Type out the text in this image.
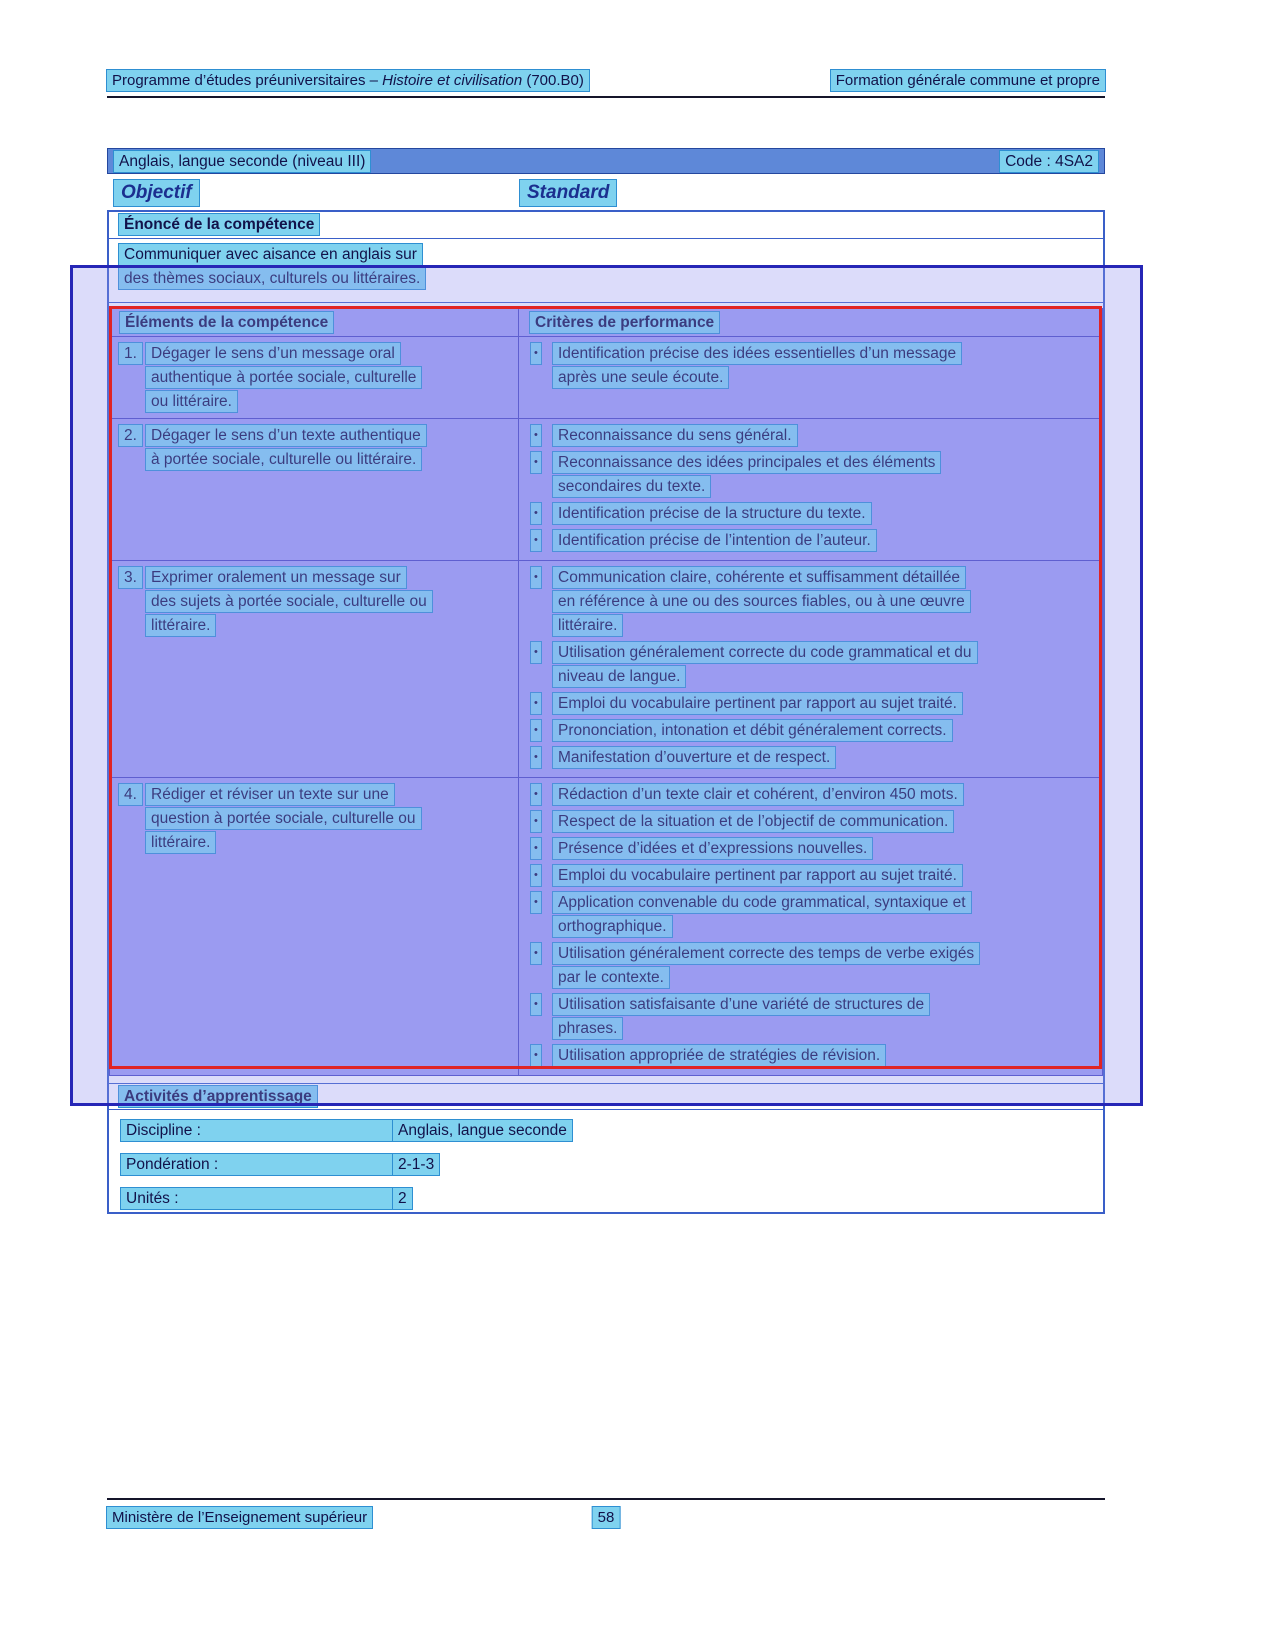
Programme d’études préuniversitaires – Histoire et civilisation (700.B0)	Formation générale commune et propre
Anglais, langue seconde (niveau III)	Code : 4SA2
Objectif	Standard
Énoncé de la compétence
Communiquer avec aisance en anglais sur
des thèmes sociaux, culturels ou littéraires.
Éléments de la compétence	Critères de performance
1. Dégager le sens d’un message oral
authentique à portée sociale, culturelle
ou littéraire.
•	Identification précise des idées essentielles d’un message
après une seule écoute.
2. Dégager le sens d’un texte authentique
à portée sociale, culturelle ou littéraire.
•	Reconnaissance du sens général.
•	Reconnaissance des idées principales et des éléments
secondaires du texte.
•	Identification précise de la structure du texte.
•	Identification précise de l’intention de l’auteur.
3. Exprimer oralement un message sur
des sujets à portée sociale, culturelle ou
littéraire.
•	Communication claire, cohérente et suffisamment détaillée
en référence à une ou des sources fiables, ou à une œuvre
littéraire.
•	Utilisation généralement correcte du code grammatical et du
niveau de langue.
•	Emploi du vocabulaire pertinent par rapport au sujet traité.
•	Prononciation, intonation et débit généralement corrects.
•	Manifestation d’ouverture et de respect.
4. Rédiger et réviser un texte sur une
question à portée sociale, culturelle ou
littéraire.
•	Rédaction d’un texte clair et cohérent, d’environ 450 mots.
•	Respect de la situation et de l’objectif de communication.
•	Présence d’idées et d’expressions nouvelles.
•	Emploi du vocabulaire pertinent par rapport au sujet traité.
•	Application convenable du code grammatical, syntaxique et
orthographique.
•	Utilisation généralement correcte des temps de verbe exigés
par le contexte.
•	Utilisation satisfaisante d’une variété de structures de
phrases.
•	Utilisation appropriée de stratégies de révision.
Activités d’apprentissage
Discipline :	Anglais, langue seconde
Pondération :	2-1-3
Unités :	2
Ministère de l’Enseignement supérieur	58
